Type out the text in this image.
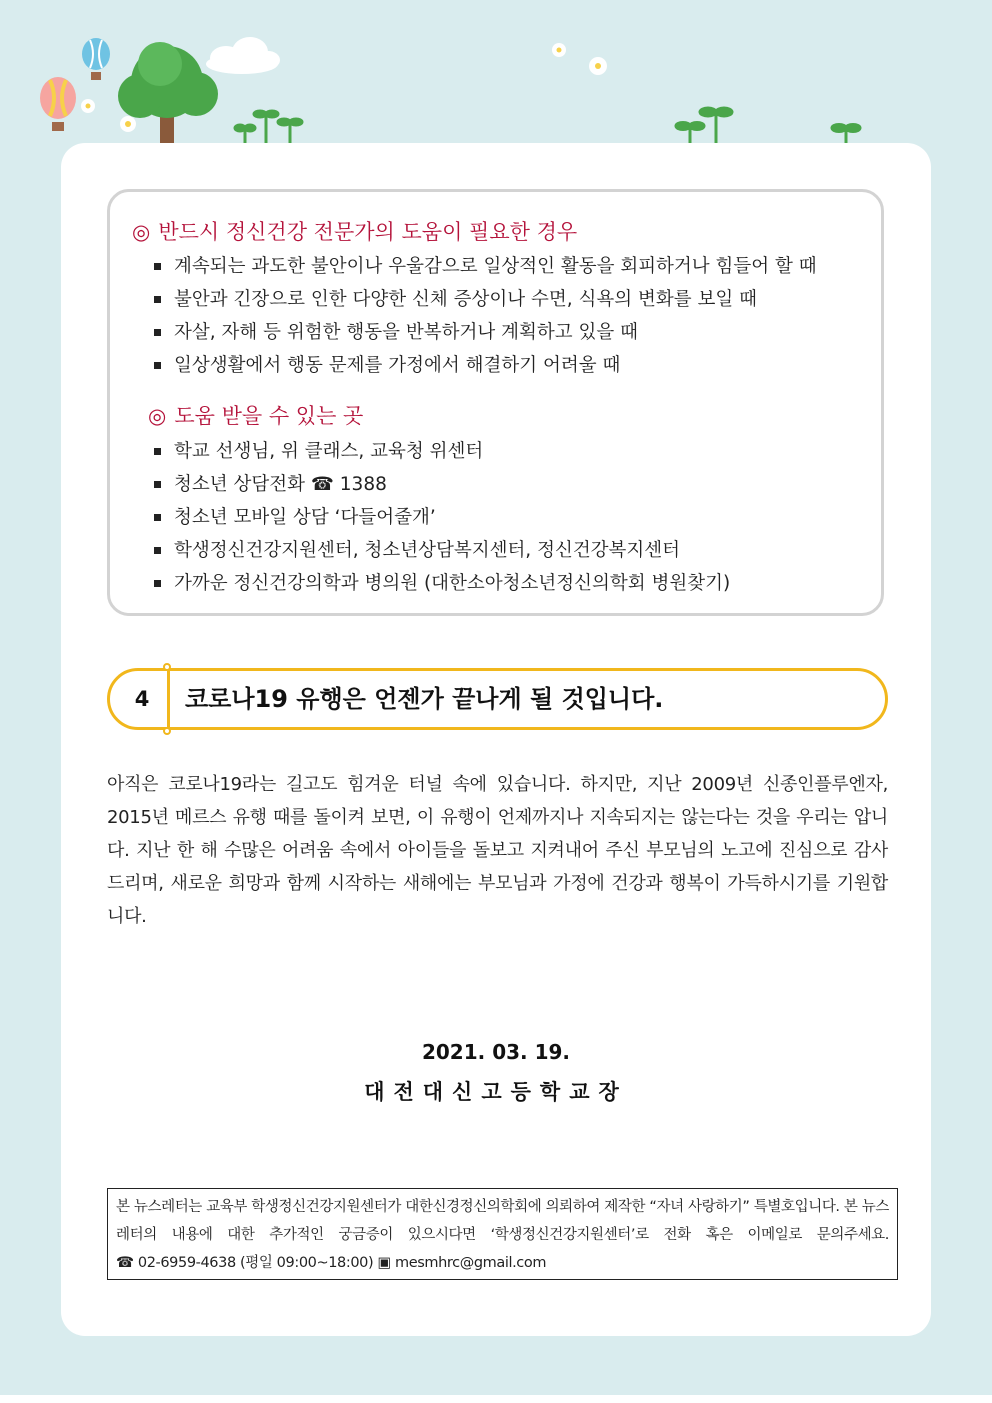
◎ 반드시 정신건강 전문가의 도움이 필요한 경우
계속되는 과도한 불안이나 우울감으로 일상적인 활동을 회피하거나 힘들어 할 때
불안과 긴장으로 인한 다양한 신체 증상이나 수면, 식욕의 변화를 보일 때
자살, 자해 등 위험한 행동을 반복하거나 계획하고 있을 때
일상생활에서 행동 문제를 가정에서 해결하기 어려울 때
◎ 도움 받을 수 있는 곳
학교 선생님, 위 클래스, 교육청 위센터
청소년 상담전화 ☎ 1388
청소년 모바일 상담 ‘다들어줄개’
학생정신건강지원센터, 청소년상담복지센터, 정신건강복지센터
가까운 정신건강의학과 병의원 (대한소아청소년정신의학회 병원찾기)
4 코로나19 유행은 언젠가 끝나게 될 것입니다.

아직은 코로나19라는 길고도 힘겨운 터널 속에 있습니다. 하지만, 지난 2009년 신종인플루엔자, 2015년 메르스 유행 때를 돌이켜 보면, 이 유행이 언제까지나 지속되지는 않는다는 것을 우리는 압니다. 지난 한 해 수많은 어려움 속에서 아이들을 돌보고 지켜내어 주신 부모님의 노고에 진심으로 감사드리며, 새로운 희망과 함께 시작하는 새해에는 부모님과 가정에 건강과 행복이 가득하시기를 기원합니다.

2021. 03. 19.
대전대신고등학교장
본 뉴스레터는 교육부 학생정신건강지원센터가 대한신경정신의학회에 의뢰하여 제작한 “자녀 사랑하기” 특별호입니다. 본 뉴스레터의 내용에 대한 추가적인 궁금증이 있으시다면 ‘학생정신건강지원센터’로 전화 혹은 이메일로 문의주세요. ☎ 02-6959-4638 (평일 09:00~18:00) ▣ mesmhrc@gmail.com
